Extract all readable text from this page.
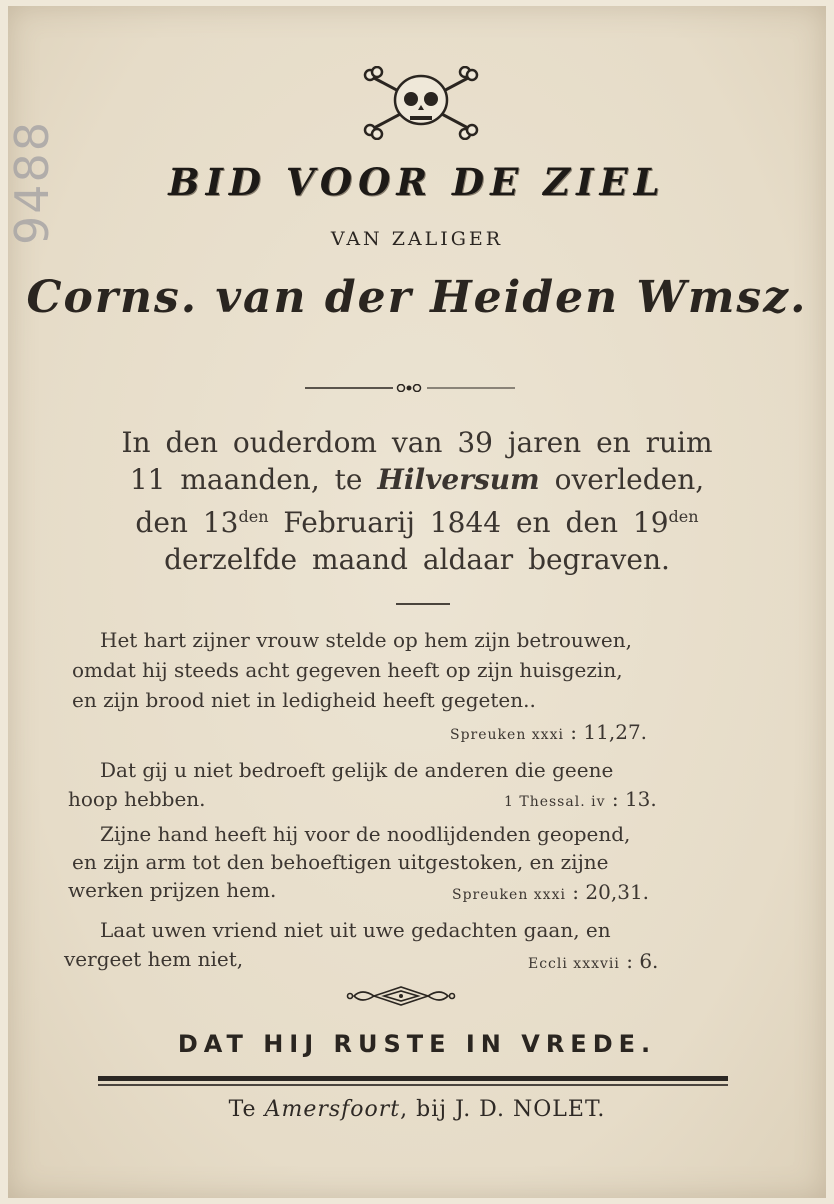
9488	BID VOOR DE ZIEL
VAN ZALIGER
Corns. van der Heiden Wmsz.
In den ouderdom van 39 jaren en ruim
11 maanden, te Hilversum overleden,
den $13^{den}$ Februarij 1844 en den $19^{den}$
derzelfde maand aldaar begraven.
Het hart zijner vrouw stelde op hem zijn betrouwen,
omdat hij steeds acht gegeven heeft op zijn huisgezin,
en zijn brood niet in ledigheid heeft gegeten..
Spreuken xxxi : 11,27.
Dat gij u niet bedroeft gelijk de anderen die geene
hoop hebben.	1 Thessal. iv : 13.
Zijne hand heeft hij voor de noodlijdenden geopend,
en zijn arm tot den behoeftigen uitgestoken, en zijne
werken prijzen hem.	Spreuken xxxi : 20,31.
Laat uwen vriend niet uit uwe gedachten gaan, en
vergeet hem niet,	Eccli xxxvii : 6.
DAT HIJ RUSTE IN VREDE.
Te Amersfoort, bij J. D. NOLET.
